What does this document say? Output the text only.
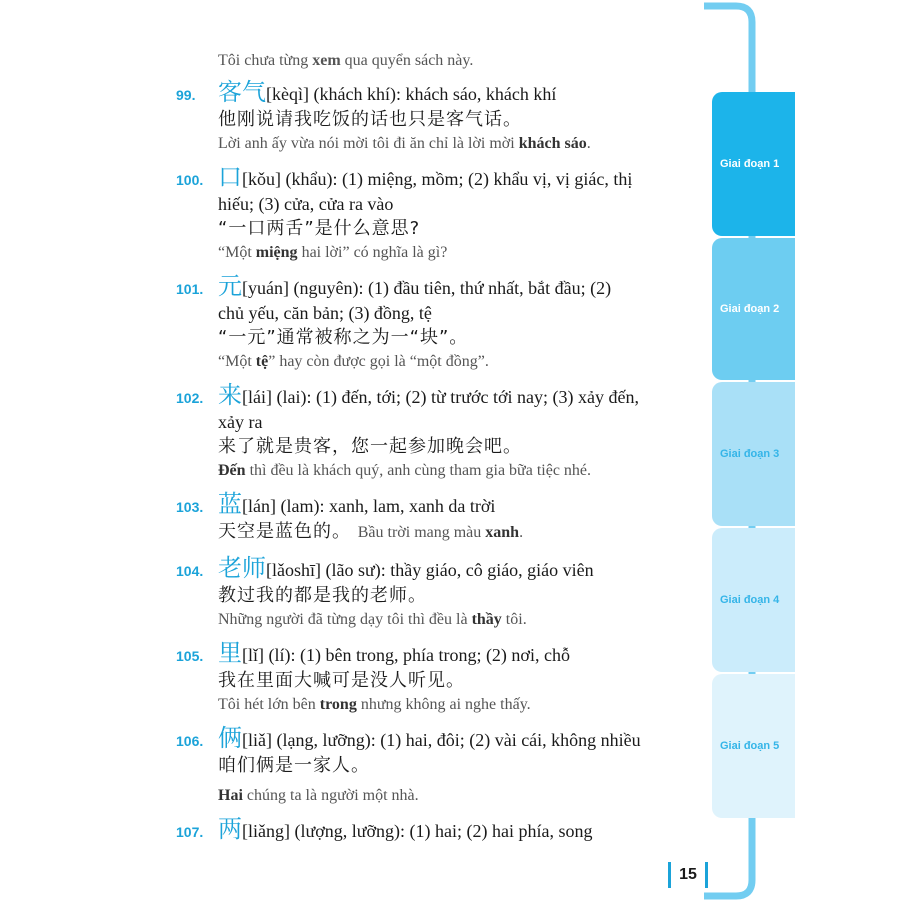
Tôi chưa từng xem qua quyển sách này.
99. 客气 [kèqì] (khách khí): khách sáo, khách khí
他刚说请我吃饭的话也只是客气话。
Lời anh ấy vừa nói mời tôi đi ăn chỉ là lời mời khách sáo.
100. 口 [kǒu] (khẩu): (1) miệng, mồm; (2) khẩu vị, vị giác, thị
hiếu; (3) cửa, cửa ra vào
“一口两舌”是什么意思?
“Một miệng hai lời” có nghĩa là gì?
101. 元 [yuán] (nguyên): (1) đầu tiên, thứ nhất, bắt đầu; (2)
chủ yếu, căn bản; (3) đồng, tệ
“一元”通常被称之为一“块”。
“Một tệ” hay còn được gọi là “một đồng”.
102. 来 [lái] (lai): (1) đến, tới; (2) từ trước tới nay; (3) xảy đến,
xảy ra
来了就是贵客，您一起参加晚会吧。
Đến thì đều là khách quý, anh cùng tham gia bữa tiệc nhé.
103. 蓝 [lán] (lam): xanh, lam, xanh da trời
天空是蓝色的。 Bầu trời mang màu xanh.
104. 老师 [lǎoshī] (lão sư): thầy giáo, cô giáo, giáo viên
教过我的都是我的老师。
Những người đã từng dạy tôi thì đều là thầy tôi.
105. 里 [lǐ] (lí): (1) bên trong, phía trong; (2) nơi, chỗ
我在里面大喊可是没人听见。
Tôi hét lớn bên trong nhưng không ai nghe thấy.
106. 俩 [liǎ] (lạng, lưỡng): (1) hai, đôi; (2) vài cái, không nhiều
咱们俩是一家人。
Hai chúng ta là người một nhà.
107. 两 [liǎng] (lượng, lưỡng): (1) hai; (2) hai phía, song
Giai đoạn 1
Giai đoạn 2
Giai đoạn 3
Giai đoạn 4
Giai đoạn 5
15
